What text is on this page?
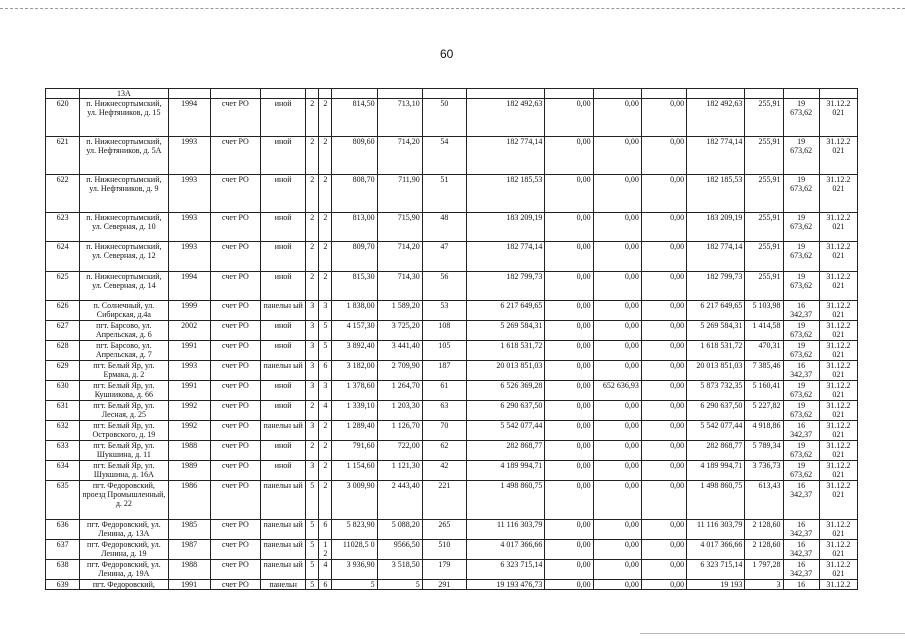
60
	13А																
620	п. Нижнесортымский, ул. Нефтяников, д. 15	1994	счет РО	иной	2	2	814,50	713,10	50	182 492,63	0,00	0,00	0,00	182 492,63	255,91	19 673,62	31.12.2 021
621	п. Нижнесортымский, ул. Нефтяников, д. 5А	1993	счет РО	иной	2	2	809,60	714,20	54	182 774,14	0,00	0,00	0,00	182 774,14	255,91	19 673,62	31.12.2 021
622	п. Нижнесортымский, ул. Нефтяников, д. 9	1993	счет РО	иной	2	2	808,70	711,90	51	182 185,53	0,00	0,00	0,00	182 185,53	255,91	19 673,62	31.12.2 021
623	п. Нижнесортымский, ул. Северная, д. 10	1993	счет РО	иной	2	2	813,00	715,90	48	183 209,19	0,00	0,00	0,00	183 209,19	255,91	19 673,62	31.12.2 021
624	п. Нижнесортымский, ул. Северная, д. 12	1993	счет РО	иной	2	2	809,70	714,20	47	182 774,14	0,00	0,00	0,00	182 774,14	255,91	19 673,62	31.12.2 021
625	п. Нижнесортымский, ул. Северная, д. 14	1994	счет РО	иной	2	2	815,30	714,30	56	182 799,73	0,00	0,00	0,00	182 799,73	255,91	19 673,62	31.12.2 021
626	п. Солнечный, ул. Сибирская, д.4а	1999	счет РО	панельн ый	3	3	1 838,00	1 589,20	53	6 217 649,65	0,00	0,00	0,00	6 217 649,65	5 103,98	16 342,37	31.12.2 021
627	пгт. Барсово, ул. Апрельская, д. 6	2002	счет РО	иной	3	5	4 157,30	3 725,20	108	5 269 584,31	0,00	0,00	0,00	5 269 584,31	1 414,58	19 673,62	31.12.2 021
628	пгт. Барсово, ул. Апрельская, д. 7	1991	счет РО	иной	3	5	3 892,40	3 441,40	105	1 618 531,72	0,00	0,00	0,00	1 618 531,72	470,31	19 673,62	31.12.2 021
629	пгт. Белый Яр, ул. Ермака, д. 2	1993	счет РО	панельн ый	3	6	3 182,00	2 709,90	187	20 013 851,03	0,00	0,00	0,00	20 013 851,03	7 385,46	16 342,37	31.12.2 021
630	пгт. Белый Яр, ул. Кушникова, д. 66	1991	счет РО	иной	3	3	1 378,60	1 264,70	61	6 526 369,28	0,00	652 636,93	0,00	5 873 732,35	5 160,41	19 673,62	31.12.2 021
631	пгт. Белый Яр, ул. Лесная, д. 25	1992	счет РО	иной	2	4	1 339,10	1 203,30	63	6 290 637,50	0,00	0,00	0,00	6 290 637,50	5 227,82	19 673,62	31.12.2 021
632	пгт. Белый Яр, ул. Островского, д. 19	1992	счет РО	панельн ый	3	2	1 289,40	1 126,70	70	5 542 077,44	0,00	0,00	0,00	5 542 077,44	4 918,86	16 342,37	31.12.2 021
633	пгт. Белый Яр, ул. Шукшина, д. 11	1988	счет РО	иной	2	2	791,60	722,00	62	282 868,77	0,00	0,00	0,00	282 868,77	5 789,34	19 673,62	31.12.2 021
634	пгт. Белый Яр, ул. Шукшина, д. 16А	1989	счет РО	иной	3	2	1 154,60	1 121,30	42	4 189 994,71	0,00	0,00	0,00	4 189 994,71	3 736,73	19 673,62	31.12.2 021
635	пгт. Федоровский, проезд Промышленный, д. 22	1986	счет РО	панельн ый	5	2	3 009,90	2 443,40	221	1 498 860,75	0,00	0,00	0,00	1 498 860,75	613,43	16 342,37	31.12.2 021
636	пгт. Федоровский, ул. Ленина, д. 13А	1985	счет РО	панельн ый	5	6	5 823,90	5 088,20	265	11 116 303,79	0,00	0,00	0,00	11 116 303,79	2 128,60	16 342,37	31.12.2 021
637	пгт. Федоровский, ул. Ленина, д. 19	1987	счет РО	панельн ый	5	1 2	11028,5 0	9566,50	510	4 017 366,66	0,00	0,00	0,00	4 017 366,66	2 128,60	16 342,37	31.12.2 021
638	пгт. Федоровский, ул. Ленина, д. 19А	1988	счет РО	панельн ый	5	4	3 936,90	3 518,50	179	6 323 715,14	0,00	0,00	0,00	6 323 715,14	1 797,28	16 342,37	31.12.2 021
639	пгт. Федоровский,	1991	счет РО	панельн	5	6	5	5	291	19 193 476,73	0,00	0,00	0,00	19 193	3	16	31.12.2
